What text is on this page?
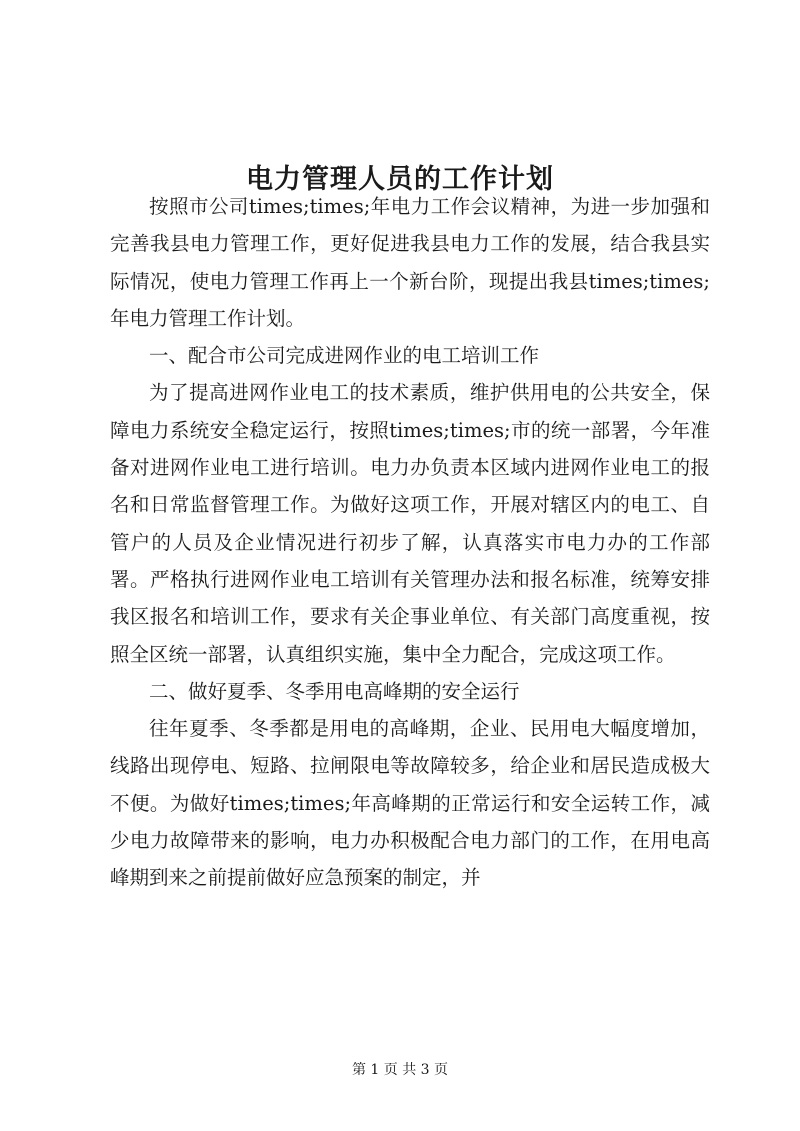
电力管理人员的工作计划

按照市公司times;times;年电力工作会议精神，为进一步加强和完善我县电力管理工作，更好促进我县电力工作的发展，结合我县实际情况，使电力管理工作再上一个新台阶，现提出我县times;times;年电力管理工作计划。

一、配合市公司完成进网作业的电工培训工作

为了提高进网作业电工的技术素质，维护供用电的公共安全，保障电力系统安全稳定运行，按照times;times;市的统一部署，今年准备对进网作业电工进行培训。电力办负责本区域内进网作业电工的报名和日常监督管理工作。为做好这项工作，开展对辖区内的电工、自管户的人员及企业情况进行初步了解，认真落实市电力办的工作部署。严格执行进网作业电工培训有关管理办法和报名标准，统筹安排我区报名和培训工作，要求有关企事业单位、有关部门高度重视，按照全区统一部署，认真组织实施，集中全力配合，完成这项工作。

二、做好夏季、冬季用电高峰期的安全运行

往年夏季、冬季都是用电的高峰期，企业、民用电大幅度增加，线路出现停电、短路、拉闸限电等故障较多，给企业和居民造成极大不便。为做好times;times;年高峰期的正常运行和安全运转工作，减少电力故障带来的影响，电力办积极配合电力部门的工作，在用电高峰期到来之前提前做好应急预案的制定，并

第 1 页 共 3 页
